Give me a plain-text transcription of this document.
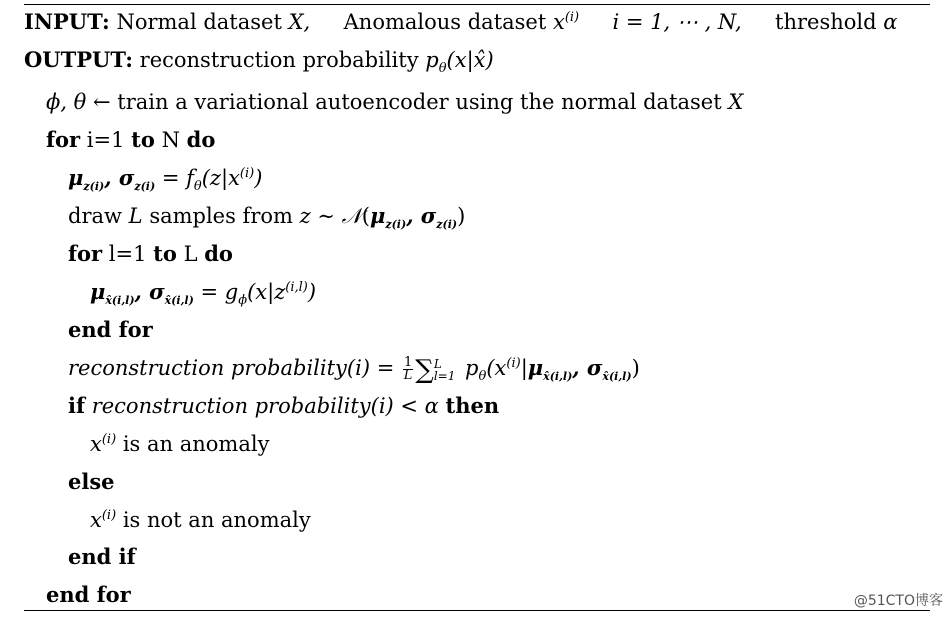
INPUT: Normal dataset X, Anomalous dataset $x^{(i)}$ i = 1, ⋯ , N, threshold α
OUTPUT: reconstruction probability $p_\theta(x|x̂)$
ϕ, θ ← train a variational autoencoder using the normal dataset X
for i=1 to N do
$\mu_{z(i)}$, $\sigma_{z(i)} = f_\theta(z|x^{(i)})$
draw L samples from z ∼ $𝒩(\mu_{z(i)}$, $\sigma_{z(i)}$)
for l=1 to L do
$\mu_{x̂(i,l)}$, $\sigma_{x̂(i,l)} = g_\phi(x|z^{(i,l)})$
end for
reconstruction probability(i) = $\frac{1}{L}$ ∑ L
l=1 $p_\theta(x^{(i)}|\mu_{x̂(i,l)}$, $\sigma_{x̂(i,l)}$)
if reconstruction probability(i) < α then
$x^{(i)}$ is an anomaly
else
$x^{(i)}$ is not an anomaly
end if
end for	@51CTO博客
